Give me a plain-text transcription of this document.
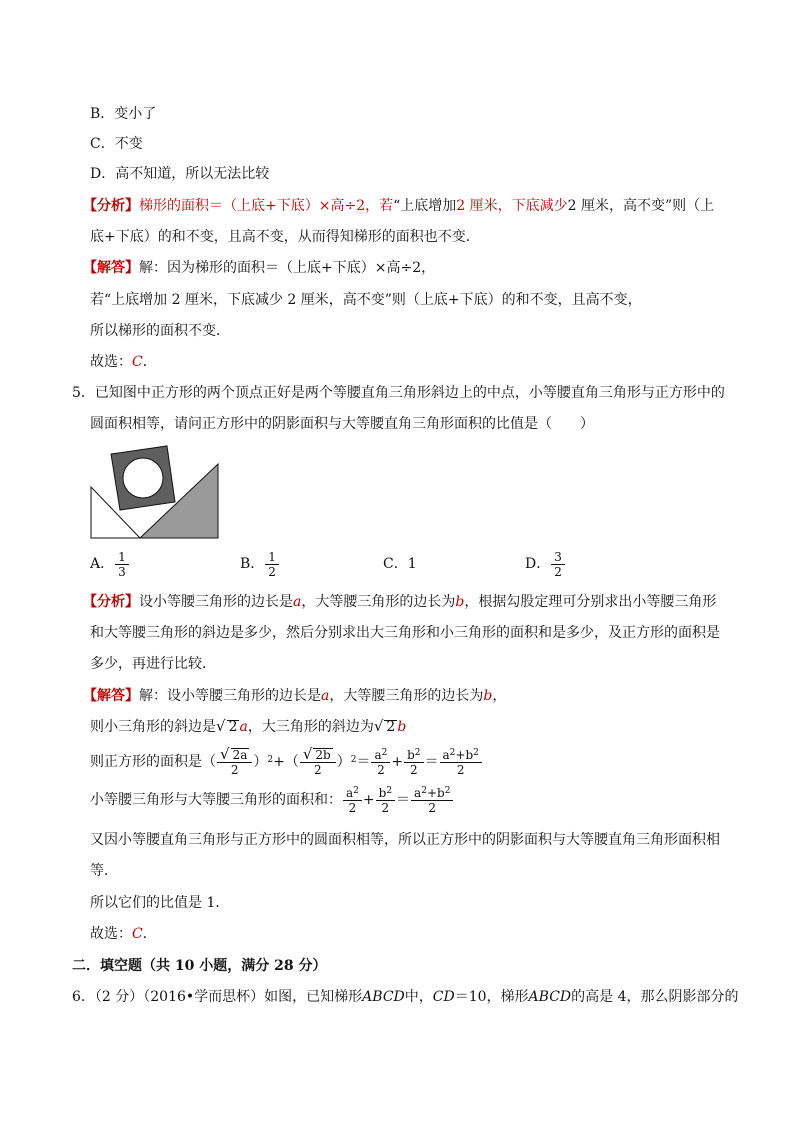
B．变小了
C．不变
D．高不知道，所以无法比较
【分析】梯形的面积＝（上底+下底）×高÷2，若“上底增加2 厘米，下底减少2 厘米，高不变”则（上
底+下底）的和不变，且高不变，从而得知梯形的面积也不变．
【解答】解：因为梯形的面积＝（上底+下底）×高÷2，
若“上底增加 2 厘米，下底减少 2 厘米，高不变”则（上底+下底）的和不变，且高不变，
所以梯形的面积不变．
故选：C．
5．已知图中正方形的两个顶点正好是两个等腰直角三角形斜边上的中点，小等腰直角三角形与正方形中的
圆面积相等，请问正方形中的阴影面积与大等腰直角三角形面积的比值是（　　）
A． $\frac{1}{3}$	B． $\frac{1}{2}$	C．1	D． $\frac{3}{2}$
【分析】设小等腰三角形的边长是a，大等腰三角形的边长为b，根据勾股定理可分别求出小等腰三角形
和大等腰三角形的斜边是多少，然后分别求出大三角形和小三角形的面积和是多少，及正方形的面积是
多少，再进行比较．
【解答】解：设小等腰三角形的边长是a，大等腰三角形的边长为b，
则小三角形的斜边是√ 2 a，大三角形的斜边为√ 2 b
则正方形的面积是（ $\frac{√ 2a}{2} )^2+( \frac{√ 2b}{2} )^2= \frac{a^2}{2} + \frac{b^2}{2} = \frac{a^2+b^2}{2}$
小等腰三角形与大等腰三角形的面积和： $\frac{a^2}{2} + \frac{b^2}{2} = \frac{a^2+b^2}{2}$
又因小等腰直角三角形与正方形中的圆面积相等，所以正方形中的阴影面积与大等腰直角三角形面积相
等．
所以它们的比值是 1．
故选：C．
二．填空题（共 10 小题，满分 28 分）
6．（2 分）（2016•学而思杯）如图，已知梯形ABCD中，CD＝10，梯形ABCD的高是 4，那么阴影部分的
